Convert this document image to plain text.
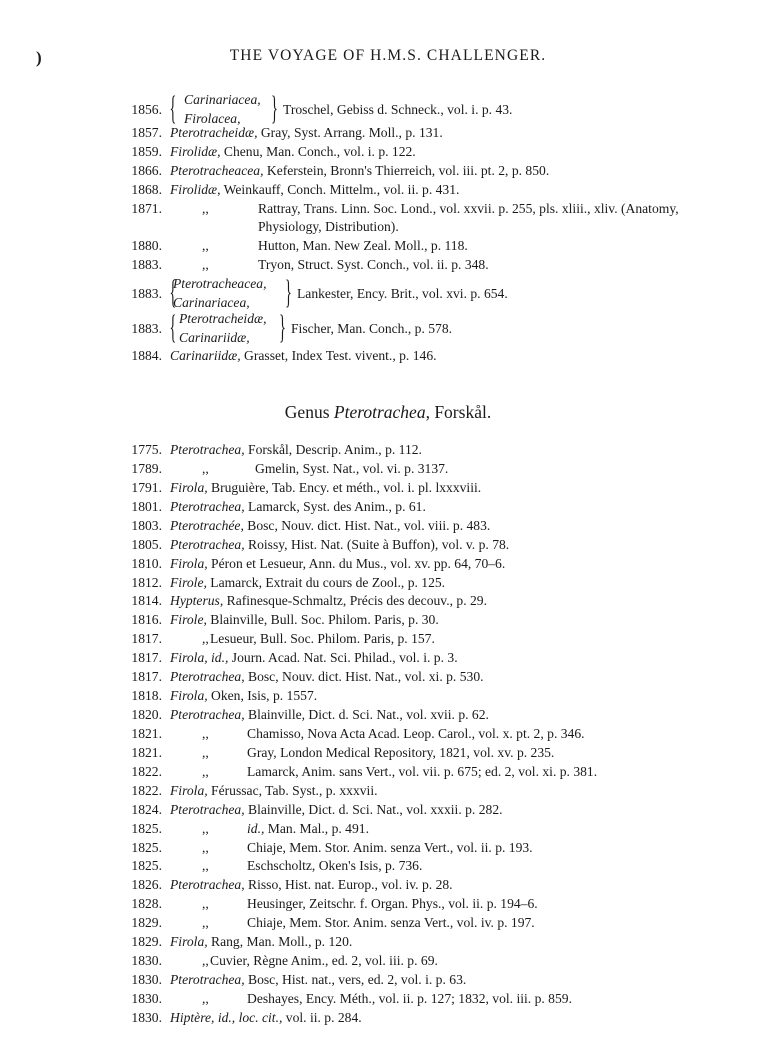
)	THE VOYAGE OF H.M.S. CHALLENGER.
1856. { Carinariacea,
Firolacea, } Troschel, Gebiss d. Schneck., vol. i. p. 43.
1857. Pterotracheidæ, Gray, Syst. Arrang. Moll., p. 131.
1859. Firolidæ, Chenu, Man. Conch., vol. i. p. 122.
1866. Pterotracheacea, Keferstein, Bronn's Thierreich, vol. iii. pt. 2, p. 850.
1868. Firolidæ, Weinkauff, Conch. Mittelm., vol. ii. p. 431.
1871.	,,	Rattray, Trans. Linn. Soc. Lond., vol. xxvii. p. 255, pls. xliii., xliv. (Anatomy,
Physiology, Distribution).
1880.	,,	Hutton, Man. New Zeal. Moll., p. 118.
1883.	,,	Tryon, Struct. Syst. Conch., vol. ii. p. 348.
1883. {
Pterotracheacea,
Carinariacea, } Lankester, Ency. Brit., vol. xvi. p. 654.
1883. { Pterotracheidæ,
Carinariidæ, } Fischer, Man. Conch., p. 578.
1884. Carinariidæ, Grasset, Index Test. vivent., p. 146.
Genus Pterotrachea, Forskål.
1775. Pterotrachea, Forskål, Descrip. Anim., p. 112.
1789.	,,	Gmelin, Syst. Nat., vol. vi. p. 3137.
1791. Firola, Bruguière, Tab. Ency. et méth., vol. i. pl. lxxxviii.
1801. Pterotrachea, Lamarck, Syst. des Anim., p. 61.
1803. Pterotrachée, Bosc, Nouv. dict. Hist. Nat., vol. viii. p. 483.
1805. Pterotrachea, Roissy, Hist. Nat. (Suite à Buffon), vol. v. p. 78.
1810. Firola, Péron et Lesueur, Ann. du Mus., vol. xv. pp. 64, 70–6.
1812. Firole, Lamarck, Extrait du cours de Zool., p. 125.
1814. Hypterus, Rafinesque-Schmaltz, Précis des decouv., p. 29.
1816. Firole, Blainville, Bull. Soc. Philom. Paris, p. 30.
1817.	,, Lesueur, Bull. Soc. Philom. Paris, p. 157.
1817. Firola, id., Journ. Acad. Nat. Sci. Philad., vol. i. p. 3.
1817. Pterotrachea, Bosc, Nouv. dict. Hist. Nat., vol. xi. p. 530.
1818. Firola, Oken, Isis, p. 1557.
1820. Pterotrachea, Blainville, Dict. d. Sci. Nat., vol. xvii. p. 62.
1821.	,,	Chamisso, Nova Acta Acad. Leop. Carol., vol. x. pt. 2, p. 346.
1821.	,,	Gray, London Medical Repository, 1821, vol. xv. p. 235.
1822.	,,	Lamarck, Anim. sans Vert., vol. vii. p. 675; ed. 2, vol. xi. p. 381.
1822. Firola, Férussac, Tab. Syst., p. xxxvii.
1824. Pterotrachea, Blainville, Dict. d. Sci. Nat., vol. xxxii. p. 282.
1825.	,,	id., Man. Mal., p. 491.
1825.	,,	Chiaje, Mem. Stor. Anim. senza Vert., vol. ii. p. 193.
1825.	,,	Eschscholtz, Oken's Isis, p. 736.
1826. Pterotrachea, Risso, Hist. nat. Europ., vol. iv. p. 28.
1828.	,,	Heusinger, Zeitschr. f. Organ. Phys., vol. ii. p. 194–6.
1829.	,,	Chiaje, Mem. Stor. Anim. senza Vert., vol. iv. p. 197.
1829. Firola, Rang, Man. Moll., p. 120.
1830.	,, Cuvier, Règne Anim., ed. 2, vol. iii. p. 69.
1830. Pterotrachea, Bosc, Hist. nat., vers, ed. 2, vol. i. p. 63.
1830.	,,	Deshayes, Ency. Méth., vol. ii. p. 127; 1832, vol. iii. p. 859.
1830. Hiptère, id., loc. cit., vol. ii. p. 284.
